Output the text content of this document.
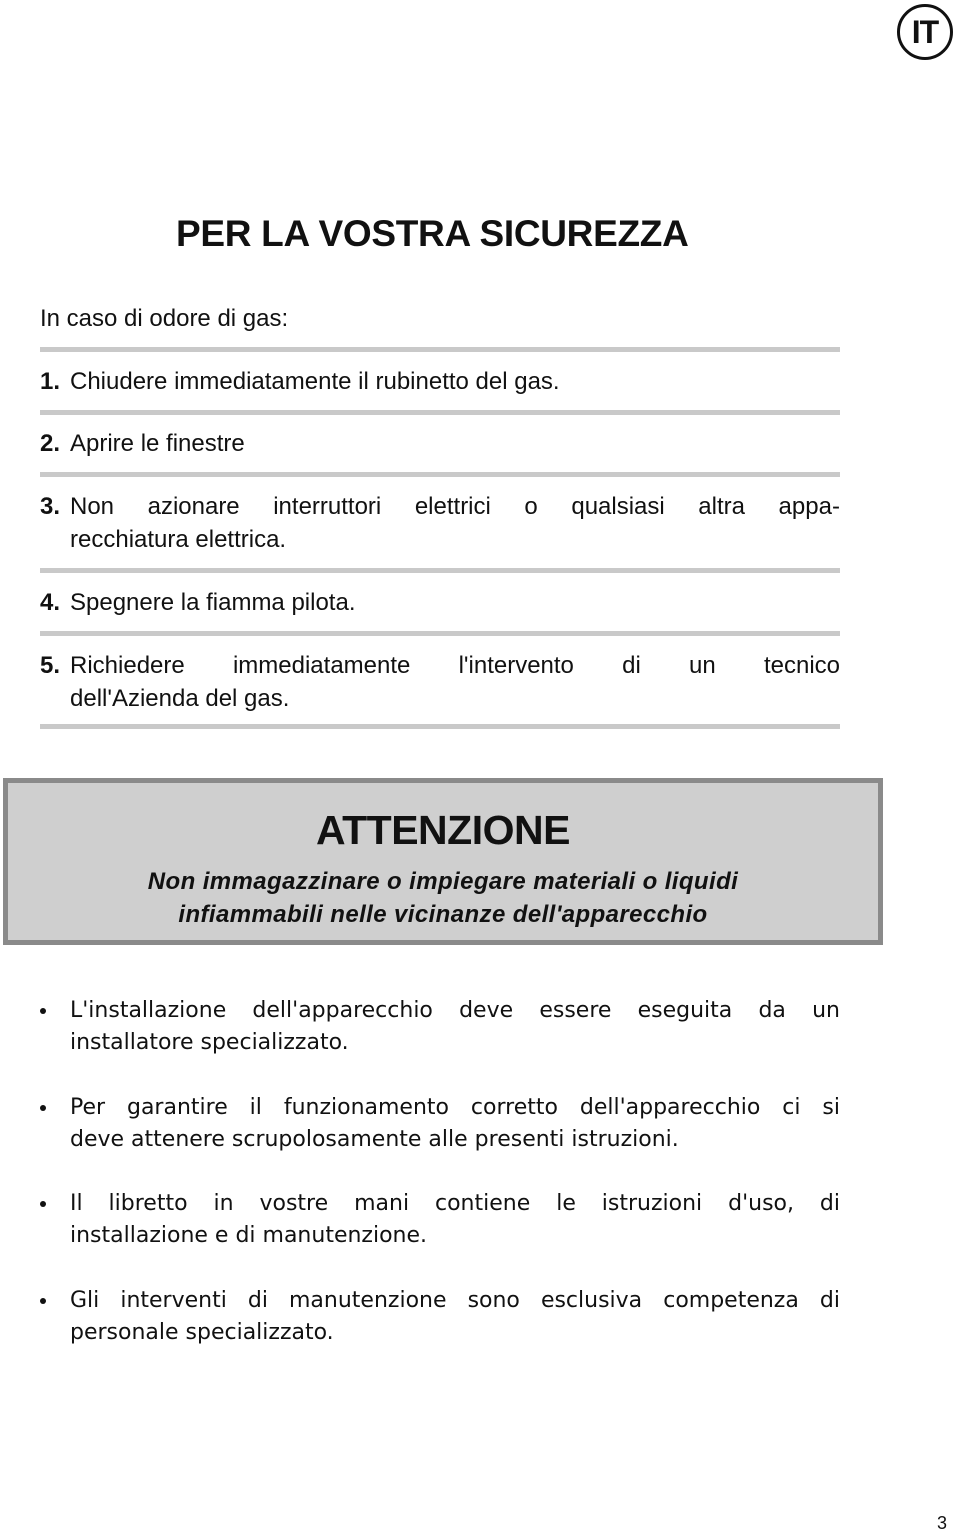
IT
PER LA VOSTRA SICUREZZA
In caso di odore di gas:
1. Chiudere immediatamente il rubinetto del gas.
2. Aprire le finestre
3. Non azionare interruttori elettrici o qualsiasi altra appa-
recchiatura elettrica.
4. Spegnere la fiamma pilota.
5. Richiedere immediatamente l'intervento di un tecnico
dell'Azienda del gas.
ATTENZIONE
Non immagazzinare o impiegare materiali o liquidi
infiammabili nelle vicinanze dell'apparecchio
L'installazione dell'apparecchio deve essere eseguita da un
installatore specializzato.
Per garantire il funzionamento corretto dell'apparecchio ci si
deve attenere scrupolosamente alle presenti istruzioni.
Il libretto in vostre mani contiene le istruzioni d'uso, di
installazione e di manutenzione.
Gli interventi di manutenzione sono esclusiva competenza di
personale specializzato.
3
